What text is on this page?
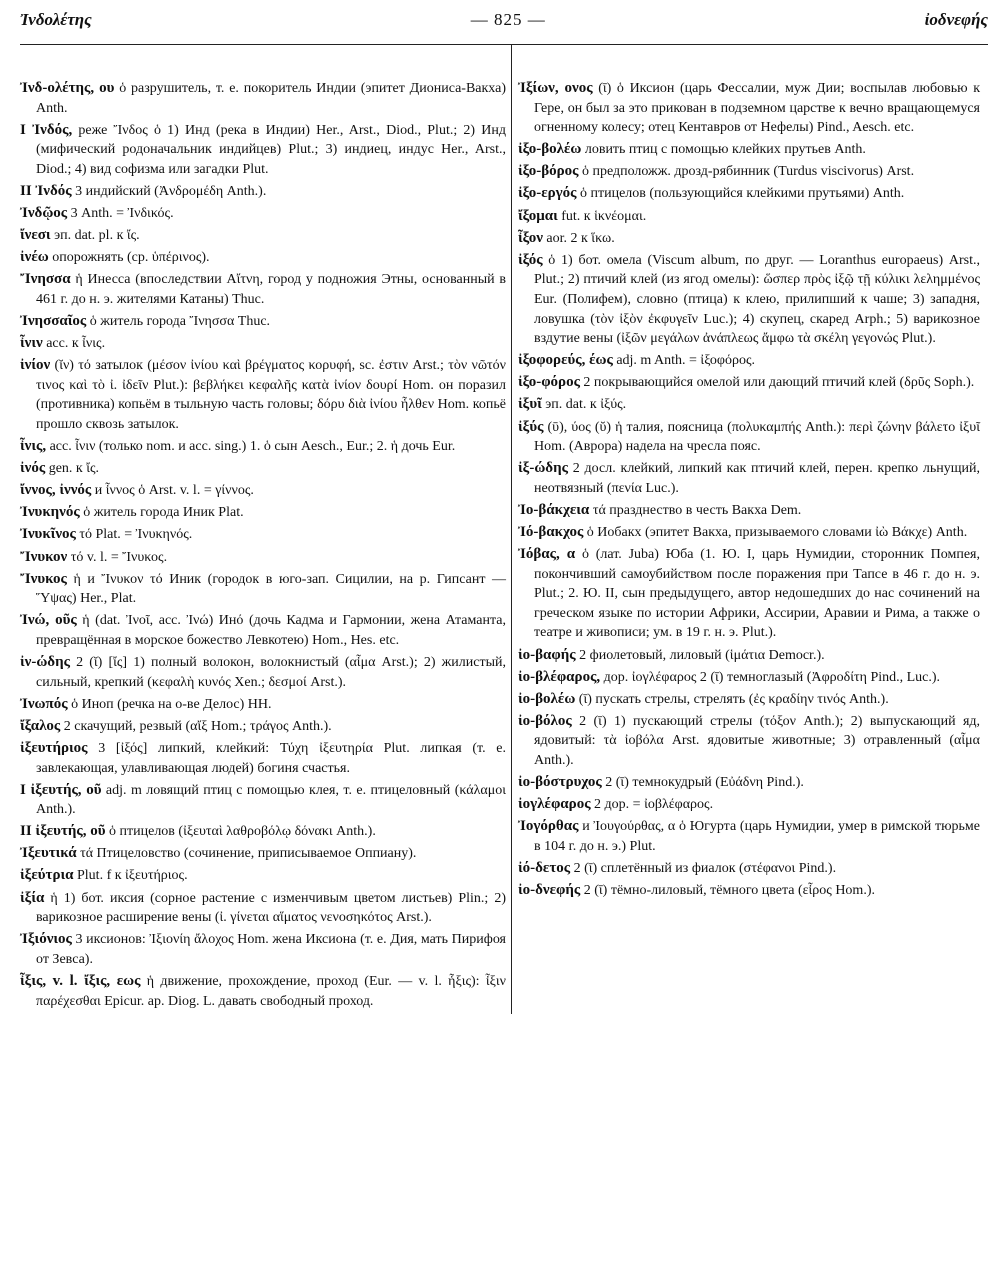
Ἰνδολέτης	— 825 —	ἰοδνεφής

Ἰνδ-ολέτης, ου ὁ разрушитель, т. е. покоритель Индии (эпитет Диониса-Вакха) Anth.

I Ἰνδός, реже Ἴνδος ὁ 1) Инд (река в Индии) Her., Arst., Diod., Plut.; 2) Инд (мифический родоначальник индийцев) Plut.; 3) индиец, индус Her., Arst., Diod.; 4) вид софизма или загадки Plut.

II Ἰνδός 3 индийский (Ἀνδρομέδη Anth.).

Ἰνδῷος 3 Anth. = Ἰνδικός.

ἴνεσι эп. dat. pl. к ἴς.

ἰνέω опорожнять (ср. ὑπέρινος).

Ἴνησσα ἡ Инесса (впоследствии Αἴτνη, город у подножия Этны, основанный в 461 г. до н. э. жителями Катаны) Thuc.

Ἰνησσαῖος ὁ житель города Ἴνησσα Thuc.

ἶνιν acc. к ἶνις.

ἰνίον (ῐν) τό затылок (μέσον ἰνίου καὶ βρέγματος κορυφή, sc. ἐστιν Arst.; τὸν νῶτόν τινος καὶ τὸ ἰ. ἰδεῖν Plut.): βεβλήκει κεφαλῆς κατὰ ἰνίον δουρί Hom. он поразил (противника) копьём в тыльную часть головы; δόρυ διὰ ἰνίου ἦλθεν Hom. копьё прошло сквозь затылок.

ἶνις, acc. ἶνιν (только nom. и acc. sing.) 1. ὁ сын Aesch., Eur.; 2. ἡ дочь Eur.

ἰνός gen. к ἴς.

ἴννος, ἰννός и ἶννος ὁ Arst. v. l. = γίννος.

Ἰνυκηνός ὁ житель города Иник Plat.

Ἰνυκῖνος τό Plat. = Ἰνυκηνός.

Ἴνυκον τό v. l. = Ἴνυκος.

Ἴνυκος ἡ и Ἴνυκον τό Иник (городок в юго-зап. Сицилии, на р. Гипсант — Ὕψας) Her., Plat.

Ἰνώ, οῦς ἡ (dat. Ἰνοῖ, acc. Ἰνώ) Инό (дочь Кадма и Гармонии, жена Атаманта, превращённая в морское божество Левкотею) Hom., Hes. etc.

ἰν-ώδης 2 (ῐ) [ἴς] 1) полный волокон, волокнистый (αἷμα Arst.); 2) жилистый, сильный, крепкий (κεφαλὴ κυνός Xen.; δεσμοί Arst.).

Ἰνωπός ὁ Иноп (речка на о-ве Делос) НН.

ἴξαλος 2 скачущий, резвый (αἴξ Hom.; τράγος Anth.).

ἰξευτήριος 3 [ἰξός] липкий, клейкий: Τύχη ἰξευτηρία Plut. липкая (т. е. завлекающая, улавливающая людей) богиня счастья.

I ἰξευτής, οῦ adj. m ловящий птиц с помощью клея, т. е. птицеловный (κάλαμοι Anth.).

II ἰξευτής, οῦ ὁ птицелов (ἰξευταὶ λαθροβόλῳ δόνακι Anth.).

Ἰξευτικά τά Птицеловство (сочинение, приписываемое Оппиану).

ἰξεύτρια Plut. f к ἰξευτήριος.

ἰξία ἡ 1) бот. иксия (сорное растение с изменчивым цветом листьев) Plin.; 2) варикозное расширение вены (ἰ. γίνεται αἵματος νενοσηκότος Arst.).

Ἰξιόνιος 3 иксионов: Ἰξιονίη ἄλοχος Hom. жена Иксиона (т. е. Дия, мать Пирифоя от Зевса).

ἶξις, v. l. ἴξις, εως ἡ движение, прохождение, проход (Eur. — v. l. ἧξις): ἶξιν παρέχεσθαι Epicur. ap. Diog. L. давать свободный проход.

Ἰξίων, ονος (ῑ) ὁ Иксион (царь Фессалии, муж Дии; воспылав любовью к Гере, он был за это прикован в подземном царстве к вечно вращающемуся огненному колесу; отец Кентавров от Нефелы) Pind., Aesch. etc.

ἰξο-βολέω ловить птиц с помощью клейких прутьев Anth.

ἰξο-βόρος ὁ предположж. дрозд-рябинник (Turdus viscivorus) Arst.

ἰξο-εργός ὁ птицелов (пользующийся клейкими прутьями) Anth.

ἴξομαι fut. к ἱκνέομαι.

ἶξον aor. 2 к ἵκω.

ἰξός ὁ 1) бот. омела (Viscum album, по друг. — Loranthus europaeus) Arst., Plut.; 2) птичий клей (из ягод омелы): ὥσπερ πρὸς ἰξῷ τῇ κύλικι λελημμένος Eur. (Полифем), словно (птица) к клею, прилипший к чаше; 3) западня, ловушка (τὸν ἰξὸν ἐκφυγεῖν Luc.); 4) скупец, скаред Arph.; 5) варикозное вздутие вены (ἰξῶν μεγάλων ἀνάπλεως ἄμφω τὰ σκέλη γεγονώς Plut.).

ἰξοφορεύς, έως adj. m Anth. = ἰξοφόρος.

ἰξο-φόρος 2 покрывающийся омелой или дающий птичий клей (δρῦς Soph.).

ἰξυῖ эп. dat. к ἰξύς.

ἰξύς (ῡ), ύος (ῠ) ἡ талия, поясница (πολυκαμπής Anth.): περὶ ζώνην βάλετο ἰξυῖ Hom. (Аврора) надела на чресла пояс.

ἰξ-ώδης 2 досл. клейкий, липкий как птичий клей, перен. крепко льнущий, неотвязный (πενία Luc.).

Ἰο-βάκχεια τά празднество в честь Вакха Dem.

Ἰό-βακχος ὁ Иобакх (эпитет Вакха, призываемого словами ἰὼ Βάκχε) Anth.

Ἰόβας, α ὁ (лат. Juba) Юба (1. Ю. I, царь Нумидии, сторонник Помпея, покончивший самоубийством после поражения при Тапсе в 46 г. до н. э. Plut.; 2. Ю. II, сын предыдущего, автор недошедших до нас сочинений на греческом языке по истории Африки, Ассирии, Аравии и Рима, а также о театре и живописи; ум. в 19 г. н. э. Plut.).

ἰο-βαφής 2 фиолетовый, лиловый (ἱμάτια Democr.).

ἰο-βλέφαρος, дор. ἰογλέφαρος 2 (ῑ) темноглазый (Ἀφροδίτη Pind., Luc.).

ἰο-βολέω (ῑ) пускать стрелы, стрелять (ἐς κραδίην τινός Anth.).

ἰο-βόλος 2 (ῑ) 1) пускающий стрелы (τόξον Anth.); 2) выпускающий яд, ядовитый: τὰ ἰοβόλα Arst. ядовитые животные; 3) отравленный (αἷμα Anth.).

ἰο-βόστρυχος 2 (ῑ) темнокудрый (Εὐάδνη Pind.).

ἰογλέφαρος 2 дор. = ἰοβλέφαρος.

Ἰογόρθας и Ἰουγούρθας, α ὁ Югурта (царь Нумидии, умер в римской тюрьме в 104 г. до н. э.) Plut.

ἰό-δετος 2 (ῑ) сплетённый из фиалок (στέφανοι Pind.).

ἰο-δνεφής 2 (ῑ) тёмно-лиловый, тёмного цвета (εἶρος Hom.).
